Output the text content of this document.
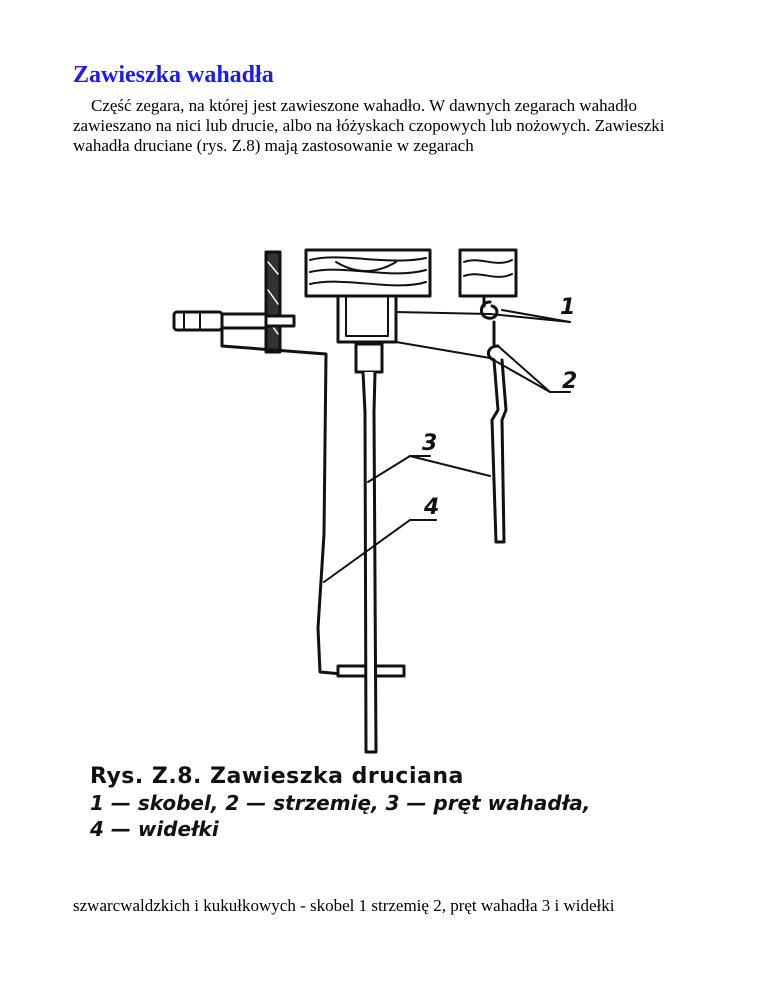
Zawieszka wahadła

Część zegara, na której jest zawieszone wahadło. W dawnych zegarach wahadło zawieszano na nici lub drucie, albo na łóżyskach czopowych lub nożowych. Zawieszki wahadła druciane (rys. Z.8) mają zastosowanie w zegarach

1
2
3
4
Rys. Z.8. Zawieszka druciana
1 — skobel, 2 — strzemię, 3 — pręt wahadła,
4 — widełki

szwarcwaldzkich i kukułkowych - skobel 1 strzemię 2, pręt wahadła 3 i widełki
